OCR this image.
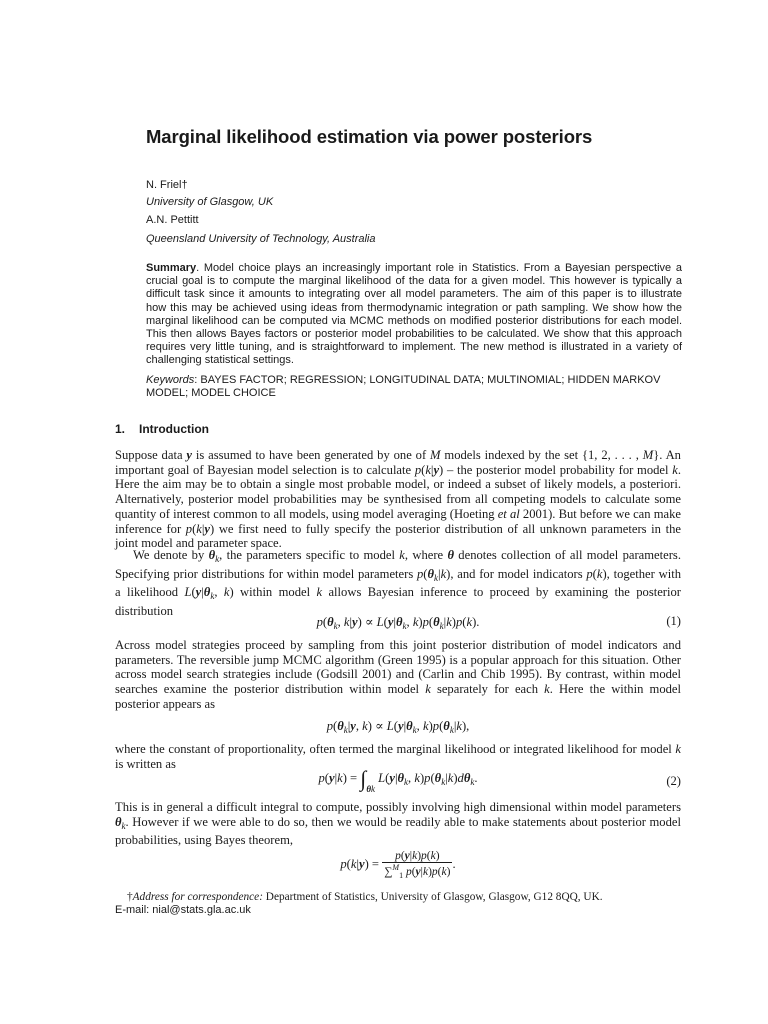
Marginal likelihood estimation via power posteriors
N. Friel†
University of Glasgow, UK
A.N. Pettitt
Queensland University of Technology, Australia
Summary. Model choice plays an increasingly important role in Statistics. From a Bayesian perspective a crucial goal is to compute the marginal likelihood of the data for a given model. This however is typically a difficult task since it amounts to integrating over all model parameters. The aim of this paper is to illustrate how this may be achieved using ideas from thermodynamic integration or path sampling. We show how the marginal likelihood can be computed via MCMC methods on modified posterior distributions for each model. This then allows Bayes factors or posterior model probabilities to be calculated. We show that this approach requires very little tuning, and is straightforward to implement. The new method is illustrated in a variety of challenging statistical settings.
Keywords: BAYES FACTOR; REGRESSION; LONGITUDINAL DATA; MULTINOMIAL; HIDDEN MARKOV MODEL; MODEL CHOICE
1. Introduction
Suppose data y is assumed to have been generated by one of M models indexed by the set {1, 2, . . . , M}. An important goal of Bayesian model selection is to calculate p(k|y) – the posterior model probability for model k. Here the aim may be to obtain a single most probable model, or indeed a subset of likely models, a posteriori. Alternatively, posterior model probabilities may be synthesised from all competing models to calculate some quantity of interest common to all models, using model averaging (Hoeting et al 2001). But before we can make inference for p(k|y) we first need to fully specify the posterior distribution of all unknown parameters in the joint model and parameter space.
We denote by $\theta_k$, the parameters specific to model k, where θ denotes collection of all model parameters. Specifying prior distributions for within model parameters $p(\theta_k|k)$, and for model indicators p(k), together with a likelihood $L(y|\theta_k$, k) within model k allows Bayesian inference to proceed by examining the posterior distribution
$p(\theta_k$, $k|y) \propto L(y|\theta_k$, $k)p(\theta_k|k)p(k)$.	(1)
Across model strategies proceed by sampling from this joint posterior distribution of model indicators and parameters. The reversible jump MCMC algorithm (Green 1995) is a popular approach for this situation. Other across model search strategies include (Godsill 2001) and (Carlin and Chib 1995). By contrast, within model searches examine the posterior distribution within model k separately for each k. Here the within model posterior appears as
$p(\theta_k|y$, $k) \propto L(y|\theta_k$, $k)p(\theta_k|k)$,
where the constant of proportionality, often termed the marginal likelihood or integrated likelihood for model k is written as
$p(y|k) = \int_{\theta k}$ $L(y|\theta_k$, $k)p(\theta_k|k)d\theta_k$.	(2)
This is in general a difficult integral to compute, possibly involving high dimensional within model parameters $\theta_k$. However if we were able to do so, then we would be readily able to make statements about posterior model probabilities, using Bayes theorem,
$p(k|y) = \frac{p(y|k)p(k)}{\sum^M_1 p(y|k)p(k)}$ .
†Address for correspondence: Department of Statistics, University of Glasgow, Glasgow, G12 8QQ, UK.
E-mail: nial@stats.gla.ac.uk
